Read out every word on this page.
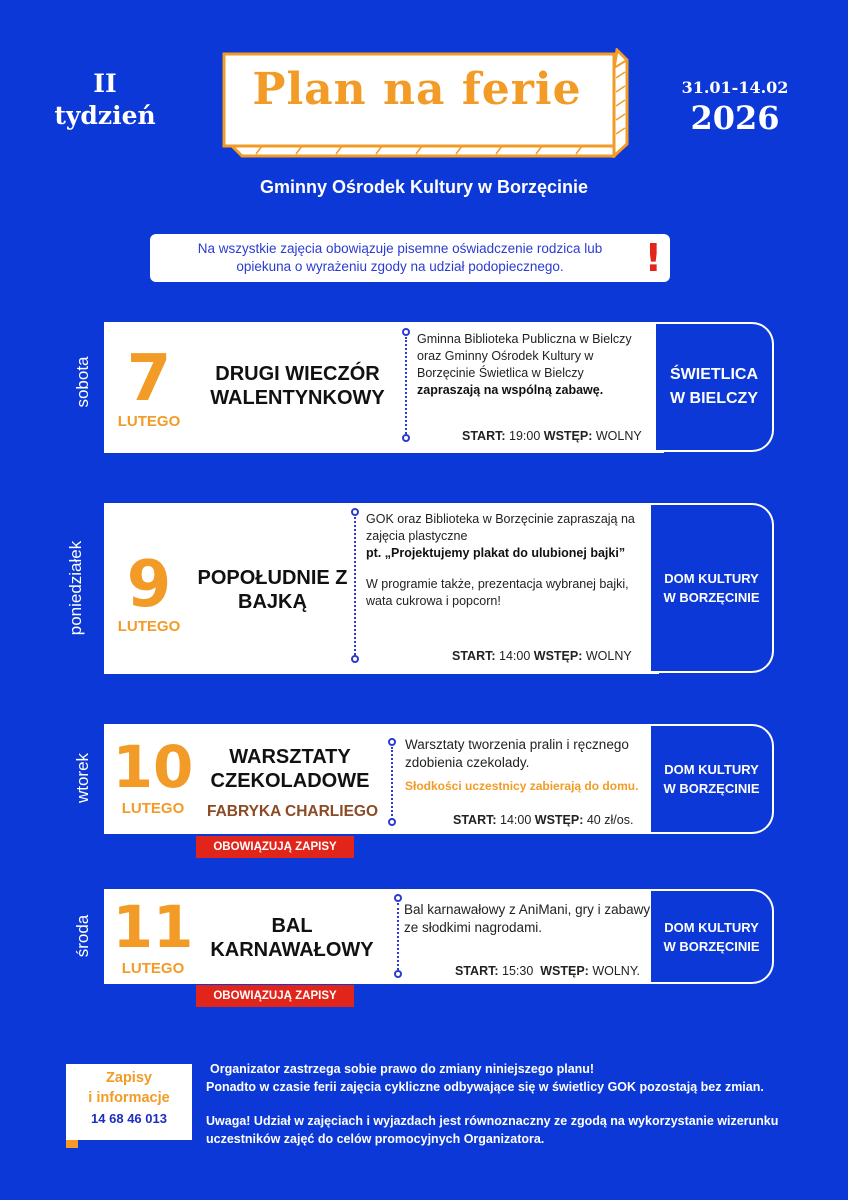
II
tydzień
Plan na ferie	31.01-14.02
2026
Gminny Ośrodek Kultury w Borzęcinie
Na wszystkie zajęcia obowiązuje pisemne oświadczenie rodzica lub opiekuna o wyrażeniu zgody na udział podopiecznego.	!
sobota 7
LUTEGO
DRUGI WIECZÓR WALENTYNKOWY
Gminna Biblioteka Publiczna w Bielczy oraz Gminny Ośrodek Kultury w Borzęcinie Świetlica w Bielczy
zapraszają na wspólną zabawę.
START: 19:00 WSTĘP: WOLNY
ŚWIETLICA W BIELCZY
poniedziałek 9
LUTEGO
POPOŁUDNIE Z BAJKĄ
GOK oraz Biblioteka w Borzęcinie zapraszają na zajęcia plastyczne
pt. „Projektujemy plakat do ulubionej bajki”
W programie także, prezentacja wybranej bajki, wata cukrowa i popcorn!
START: 14:00 WSTĘP: WOLNY
DOM KULTURY W BORZĘCINIE
wtorek 10
LUTEGO
WARSZTATY CZEKOLADOWE
FABRYKA CHARLIEGO
Warsztaty tworzenia pralin i ręcznego zdobienia czekolady.
Słodkości uczestnicy zabierają do domu.
START: 14:00 WSTĘP: 40 zł/os.
DOM KULTURY W BORZĘCINIE
OBOWIĄZUJĄ ZAPISY
środa 11
LUTEGO
BAL KARNAWAŁOWY
Bal karnawałowy z AniMani, gry i zabawy ze słodkimi nagrodami.
START: 15:30 WSTĘP: WOLNY.
DOM KULTURY W BORZĘCINIE
OBOWIĄZUJĄ ZAPISY
Zapisy
i informacje
14 68 46 013
Organizator zastrzega sobie prawo do zmiany niniejszego planu!
Ponadto w czasie ferii zajęcia cykliczne odbywające się w świetlicy GOK pozostają bez zmian.
Uwaga! Udział w zajęciach i wyjazdach jest równoznaczny ze zgodą na wykorzystanie wizerunku uczestników zajęć do celów promocyjnych Organizatora.
